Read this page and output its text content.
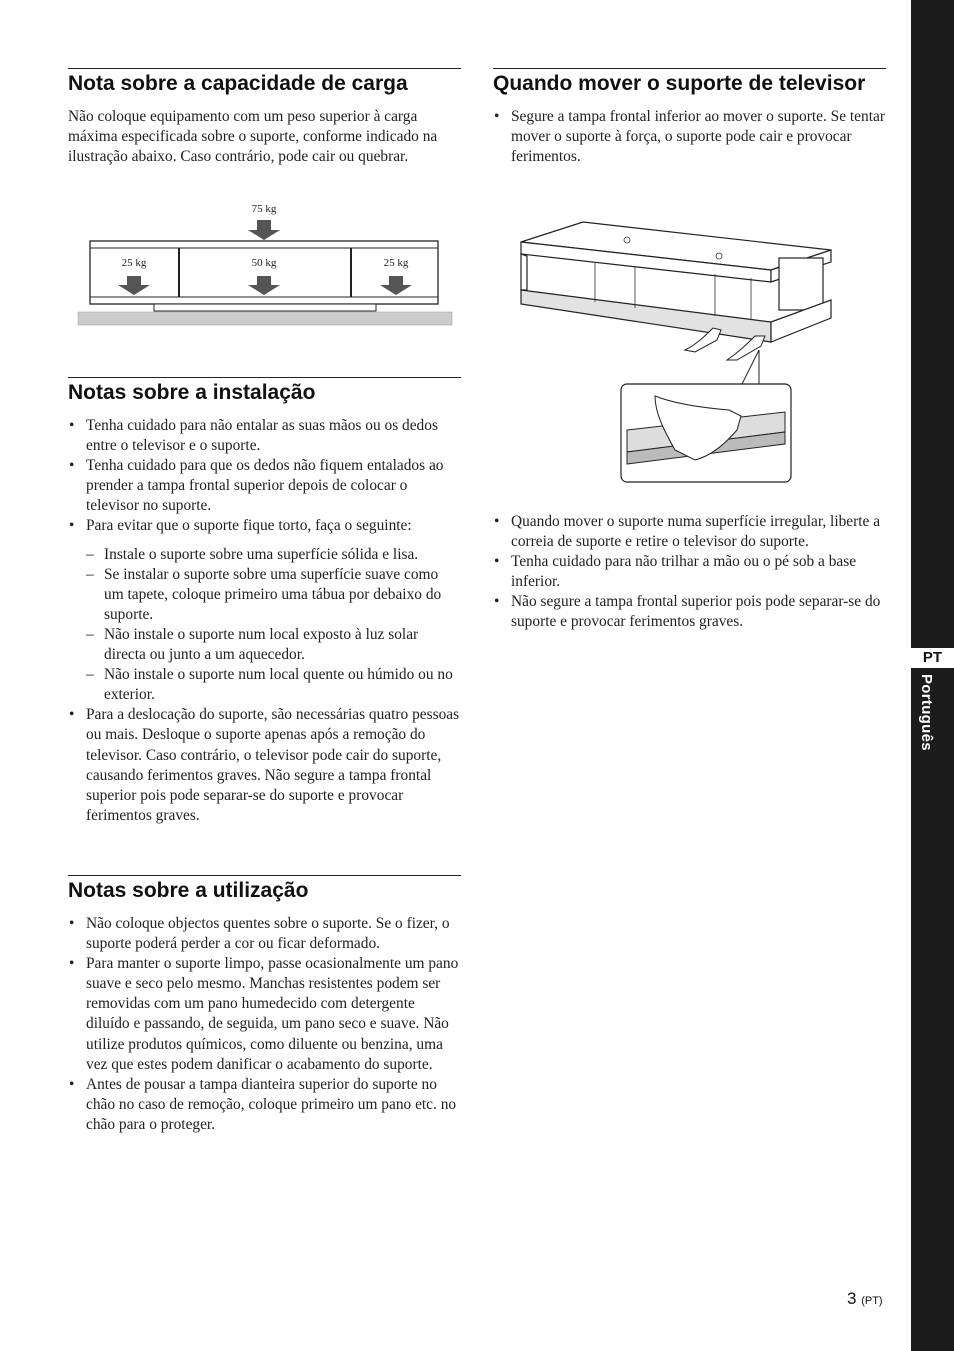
Nota sobre a capacidade de carga

Não coloque equipamento com um peso superior à carga máxima especificada sobre o suporte, conforme indicado na ilustração abaixo. Caso contrário, pode cair ou quebrar.

75 kg
25 kg	50 kg	25 kg
Notas sobre a instalação
• Tenha cuidado para não entalar as suas mãos ou os dedos entre o televisor e o suporte.
• Tenha cuidado para que os dedos não fiquem entalados ao prender a tampa frontal superior depois de colocar o televisor no suporte.
• Para evitar que o suporte fique torto, faça o seguinte:
– Instale o suporte sobre uma superfície sólida e lisa.
– Se instalar o suporte sobre uma superfície suave como um tapete, coloque primeiro uma tábua por debaixo do suporte.
– Não instale o suporte num local exposto à luz solar directa ou junto a um aquecedor.
– Não instale o suporte num local quente ou húmido ou no exterior.
• Para a deslocação do suporte, são necessárias quatro pessoas ou mais. Desloque o suporte apenas após a remoção do televisor. Caso contrário, o televisor pode cair do suporte, causando ferimentos graves. Não segure a tampa frontal superior pois pode separar-se do suporte e provocar ferimentos graves.
Notas sobre a utilização
• Não coloque objectos quentes sobre o suporte. Se o fizer, o suporte poderá perder a cor ou ficar deformado.
• Para manter o suporte limpo, passe ocasionalmente um pano suave e seco pelo mesmo. Manchas resistentes podem ser removidas com um pano humedecido com detergente diluído e passando, de seguida, um pano seco e suave. Não utilize produtos químicos, como diluente ou benzina, uma vez que estes podem danificar o acabamento do suporte.
• Antes de pousar a tampa dianteira superior do suporte no chão no caso de remoção, coloque primeiro um pano etc. no chão para o proteger.
Quando mover o suporte de televisor
• Segure a tampa frontal inferior ao mover o suporte. Se tentar mover o suporte à força, o suporte pode cair e provocar ferimentos.
• Quando mover o suporte numa superfície irregular, liberte a correia de suporte e retire o televisor do suporte.
• Tenha cuidado para não trilhar a mão ou o pé sob a base inferior.
• Não segure a tampa frontal superior pois pode separar-se do suporte e provocar ferimentos graves.
PT
Português
3 (PT)
